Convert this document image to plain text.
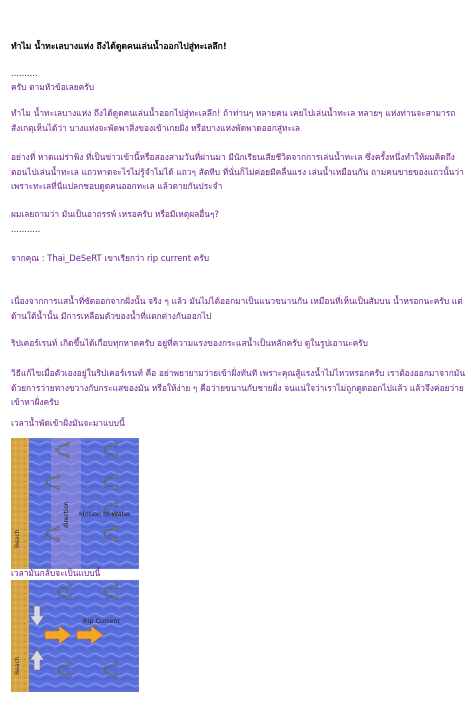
ทำไม น้ำทะเลบางแห่ง ถึงได้ดูดคนเล่นน้ำออกไปสู่ทะเลลึก!

..........

ครับ ตามหัวข้อเลยครับ

ทำไม น้ำทะเลบางแห่ง ถึงได้ดูดคนเล่นน้ำออกไปสู่ทะเลลึก! ถ้าท่านๆ หลายคน เคยไปเล่นน้ำทะเล หลายๆ แห่งท่านจะสามารถสังเกตุเห็นได้ว่า บางแห่งจะพัดพาสิ่งของเข้าเกยฝั่ง หรือบางแห่งพัดพาดออกสู่ทะเล

อย่างที่ หาดแม่ร่าพิง ที่เป็นข่าวเข้านี้หรือสองสามวันที่ผ่านมา มีนักเรียนเสียชีวิตจากการเล่นน้ำทะเล ซึ่งครั้งหนึ่งทำให้ผมคิดถึงตอนไปเล่นน้ำทะเล แถวหาดจะไรไม่รู้จำไม่ได้ แถวๆ สัตหีบ ที่นั่นก็ไม่ค่อยมีคลื่นแรง เล่นน้ำเหมือนกัน ถามคนขายของแถวนั้นว่า เพราะทะเลที่นี่แปลกชอบดูดคนออกทะเล แล้วตายกันประจำ

ผมเลยถามว่า มันเป็นอาถรรพ์ เหรอครับ หรือมีเหตุผลอื่นๆ?

...........

จากคุณ : Thai_DeSeRT เขาเรียกว่า rip current ครับ

เนื่องจากการแสน้ำที่ซัดออกจากฝั่งนั้น จริง ๆ แล้ว มันไม่ได้ออกมาเป็นแนวขนานกัน เหมือนที่เห็นเป็นสัมบน น้ำหรอกนะครับ แต่ด้านใต้น้ำนั้น มีการเหลือมตัวของน้ำที่แตกต่างกันออกไป

ริปเคอร์เรนท์ เกิดขึ้นได้เกือบทุกหาดครับ อยู่ที่ความแรงของกระแสน้ำเป็นหลักครับ ดูในรูปเอานะครับ

วิธีแก้ไขเมื่อตัวเองอยู่ในริปเคอร์เรนท์ คือ อย่าพยายามว่ายเข้าฝั่งทันที เพราะคุณสู้แรงน้ำไม่ไหวหรอกครับ เราต้องออกมาจากมันด้วยการว่ายทางขวางกับกระแสของมัน หรือให้ง่าย ๆ คือว่ายขนานกับชายฝั่ง จนแน่ใจว่าเราไม่ถูกดูดออกไปแล้ว แล้วจึงค่อยว่ายเข้าหาฝั่งครับ

เวลาน้ำพัดเข้าฝั่งมันจะมาแบบนี้

Beach
direction Motion of Water

เวลามันกลับจะเป็นแบบนี้

Rip Current
Beach
